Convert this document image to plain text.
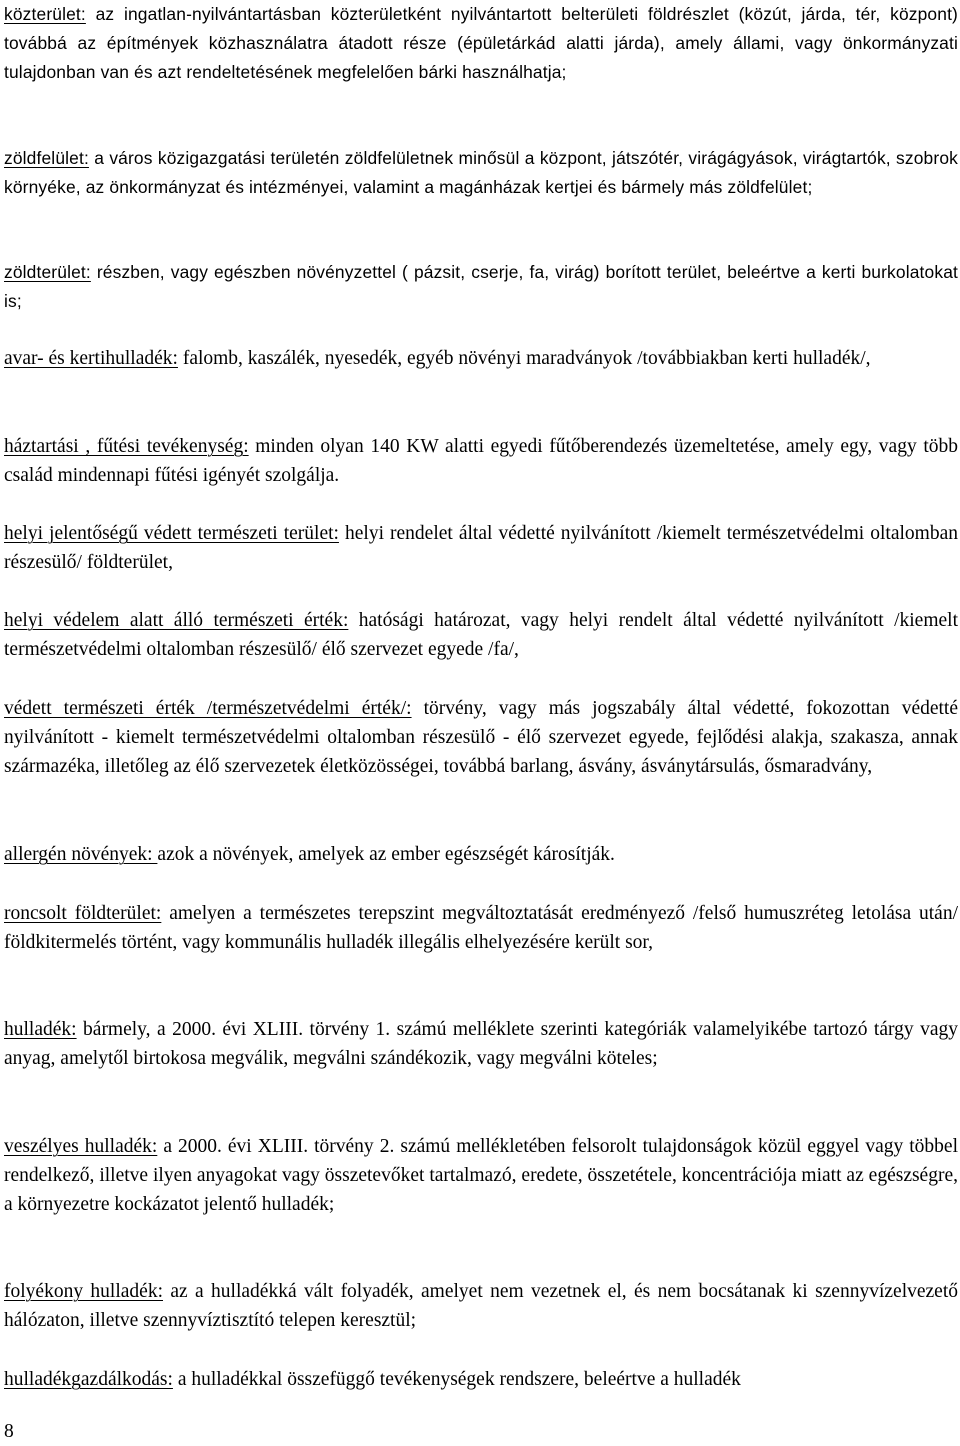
közterület: az ingatlan-nyilvántartásban közterületként nyilvántartott belterületi földrészlet (közút, járda, tér, központ) továbbá az építmények közhasználatra átadott része (épületárkád alatti járda), amely állami, vagy önkormányzati tulajdonban van és azt rendeltetésének megfelelően bárki használhatja;

zöldfelület: a város közigazgatási területén zöldfelületnek minősül a központ, játszótér, virágágyások, virágtartók, szobrok környéke, az önkormányzat és intézményei, valamint a magánházak kertjei és bármely más zöldfelület;

zöldterület: részben, vagy egészben növényzettel ( pázsit, cserje, fa, virág) borított terület, beleértve a kerti burkolatokat is;

avar- és kertihulladék: falomb, kaszálék, nyesedék, egyéb növényi maradványok /továbbiakban kerti hulladék/,

háztartási , fűtési tevékenység: minden olyan 140 KW alatti egyedi fűtőberendezés üzemeltetése, amely egy, vagy több család mindennapi fűtési igényét szolgálja.

helyi jelentőségű védett természeti terület: helyi rendelet által védetté nyilvánított /kiemelt természetvédelmi oltalomban részesülő/ földterület,

helyi védelem alatt álló természeti érték: hatósági határozat, vagy helyi rendelt által védetté nyilvánított /kiemelt természetvédelmi oltalomban részesülő/ élő szervezet egyede /fa/,

védett természeti érték /természetvédelmi érték/: törvény, vagy más jogszabály által védetté, fokozottan védetté nyilvánított - kiemelt természetvédelmi oltalomban részesülő - élő szervezet egyede, fejlődési alakja, szakasza, annak származéka, illetőleg az élő szervezetek életközösségei, továbbá barlang, ásvány, ásványtársulás, ősmaradvány,

allergén növények: azok a növények, amelyek az ember egészségét károsítják.

roncsolt földterület: amelyen a természetes terepszint megváltoztatását eredményező /felső humuszréteg letolása után/ földkitermelés történt, vagy kommunális hulladék illegális elhelyezésére került sor,

hulladék: bármely, a 2000. évi XLIII. törvény 1. számú melléklete szerinti kategóriák valamelyikébe tartozó tárgy vagy anyag, amelytől birtokosa megválik, megválni szándékozik, vagy megválni köteles;

veszélyes hulladék: a 2000. évi XLIII. törvény 2. számú mellékletében felsorolt tulajdonságok közül eggyel vagy többel rendelkező, illetve ilyen anyagokat vagy összetevőket tartalmazó, eredete, összetétele, koncentrációja miatt az egészségre, a környezetre kockázatot jelentő hulladék;

folyékony hulladék: az a hulladékká vált folyadék, amelyet nem vezetnek el, és nem bocsátanak ki szennyvízelvezető hálózaton, illetve szennyvíztisztító telepen keresztül;

hulladékgazdálkodás: a hulladékkal összefüggő tevékenységek rendszere, beleértve a hulladék

8
